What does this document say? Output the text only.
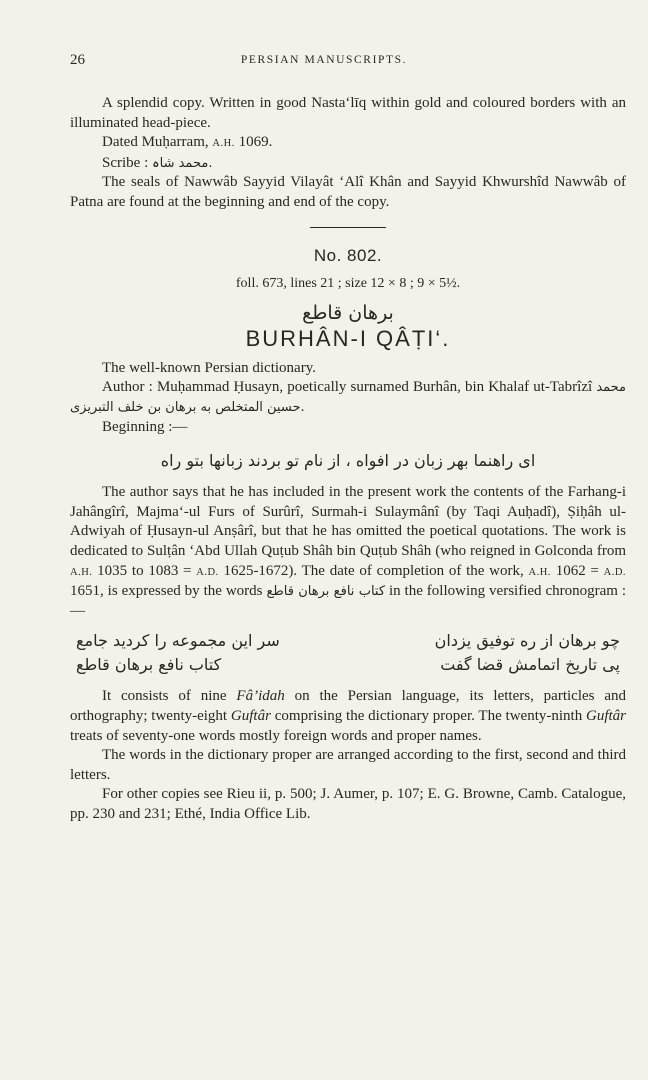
26	PERSIAN MANUSCRIPTS.

A splendid copy. Written in good Nasta‘līq within gold and coloured borders with an illuminated head-piece.

Dated Muḥarram, A.H. 1069.

Scribe : محمد شاہ.

The seals of Nawwâb Sayyid Vilayât ‘Alî Khân and Sayyid Khwurshîd Nawwâb of Patna are found at the beginning and end of the copy.

No. 802.
foll. 673, lines 21 ; size 12 × 8 ; 9 × 5½.
برهان قاطع
BURHÂN-I QÂṬI‘.

The well-known Persian dictionary.

Author : Muḥammad Ḥusayn, poetically surnamed Burhân, bin Khalaf ut-Tabrîzî محمد حسين المتخلص به برهان بن خلف التبريزى.

Beginning :—

ای راهنما بهر زبان در افواه ، از نام تو بردند زبانها بتو راه

The author says that he has included in the present work the contents of the Farhang-i Jahângîrî, Majma‘-ul Furs of Surûrî, Surmah-i Sulaymânî (by Taqi Auḥadî), Ṣiḥâh ul-Adwiyah of Ḥusayn-ul Anṣârî, but that he has omitted the poetical quotations. The work is dedicated to Sulṭân ‘Abd Ullah Quṭub Shâh bin Quṭub Shâh (who reigned in Golconda from A.H. 1035 to 1083 = A.D. 1625-1672). The date of completion of the work, A.H. 1062 = A.D. 1651, is expressed by the words كتاب نافع برهان قاطع in the following versified chronogram :—

چو برهان از ره توفيق يزدان
سر اين مجموعه را كرديد جامع
پی تاريخ اتمامش قضا گفت
كتاب نافع برهان قاطع

It consists of nine Fâ’idah on the Persian language, its letters, particles and orthography; twenty-eight Guftâr comprising the dictionary proper. The twenty-ninth Guftâr treats of seventy-one words mostly foreign words and proper names.

The words in the dictionary proper are arranged according to the first, second and third letters.

For other copies see Rieu ii, p. 500; J. Aumer, p. 107; E. G. Browne, Camb. Catalogue, pp. 230 and 231; Ethé, India Office Lib.
